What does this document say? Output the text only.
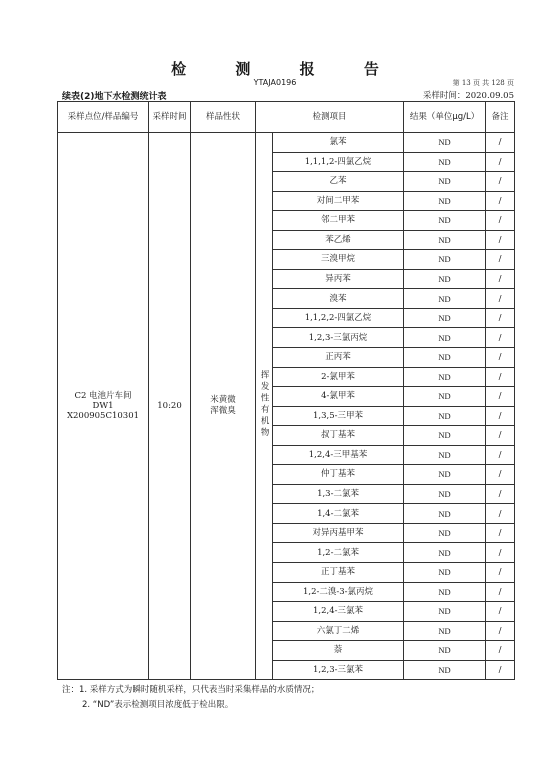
检 测 报 告
YTAJA0196	第 13 页 共 128 页
续表(2)地下水检测统计表	采样时间：2020.09.05
采样点位/样品编号	采样时间	样品性状	检测项目		结果（单位μg/L）	备注

C2 电池片车间
DW1
X200905C10301	10:20	米黄微浑微臭	挥发性有机物	氯苯	ND	/
				1,1,1,2-四氯乙烷	ND	/
				乙苯	ND	/
				对间二甲苯	ND	/
				邻二甲苯	ND	/
				苯乙烯	ND	/
				三溴甲烷	ND	/
				异丙苯	ND	/
				溴苯	ND	/
				1,1,2,2-四氯乙烷	ND	/
				1,2,3-三氯丙烷	ND	/
				正丙苯	ND	/
				2-氯甲苯	ND	/
				4-氯甲苯	ND	/
				1,3,5-三甲苯	ND	/
				叔丁基苯	ND	/
				1,2,4-三甲基苯	ND	/
				仲丁基苯	ND	/
				1,3-二氯苯	ND	/
				1,4-二氯苯	ND	/
				对异丙基甲苯	ND	/
				1,2-二氯苯	ND	/
				正丁基苯	ND	/
				1,2-二溴-3-氯丙烷	ND	/
				1,2,4-三氯苯	ND	/
				六氯丁二烯	ND	/
				萘	ND	/
				1,2,3-三氯苯	ND	/
注：1. 采样方式为瞬时随机采样，只代表当时采集样品的水质情况；
2. “ND”表示检测项目浓度低于检出限。
